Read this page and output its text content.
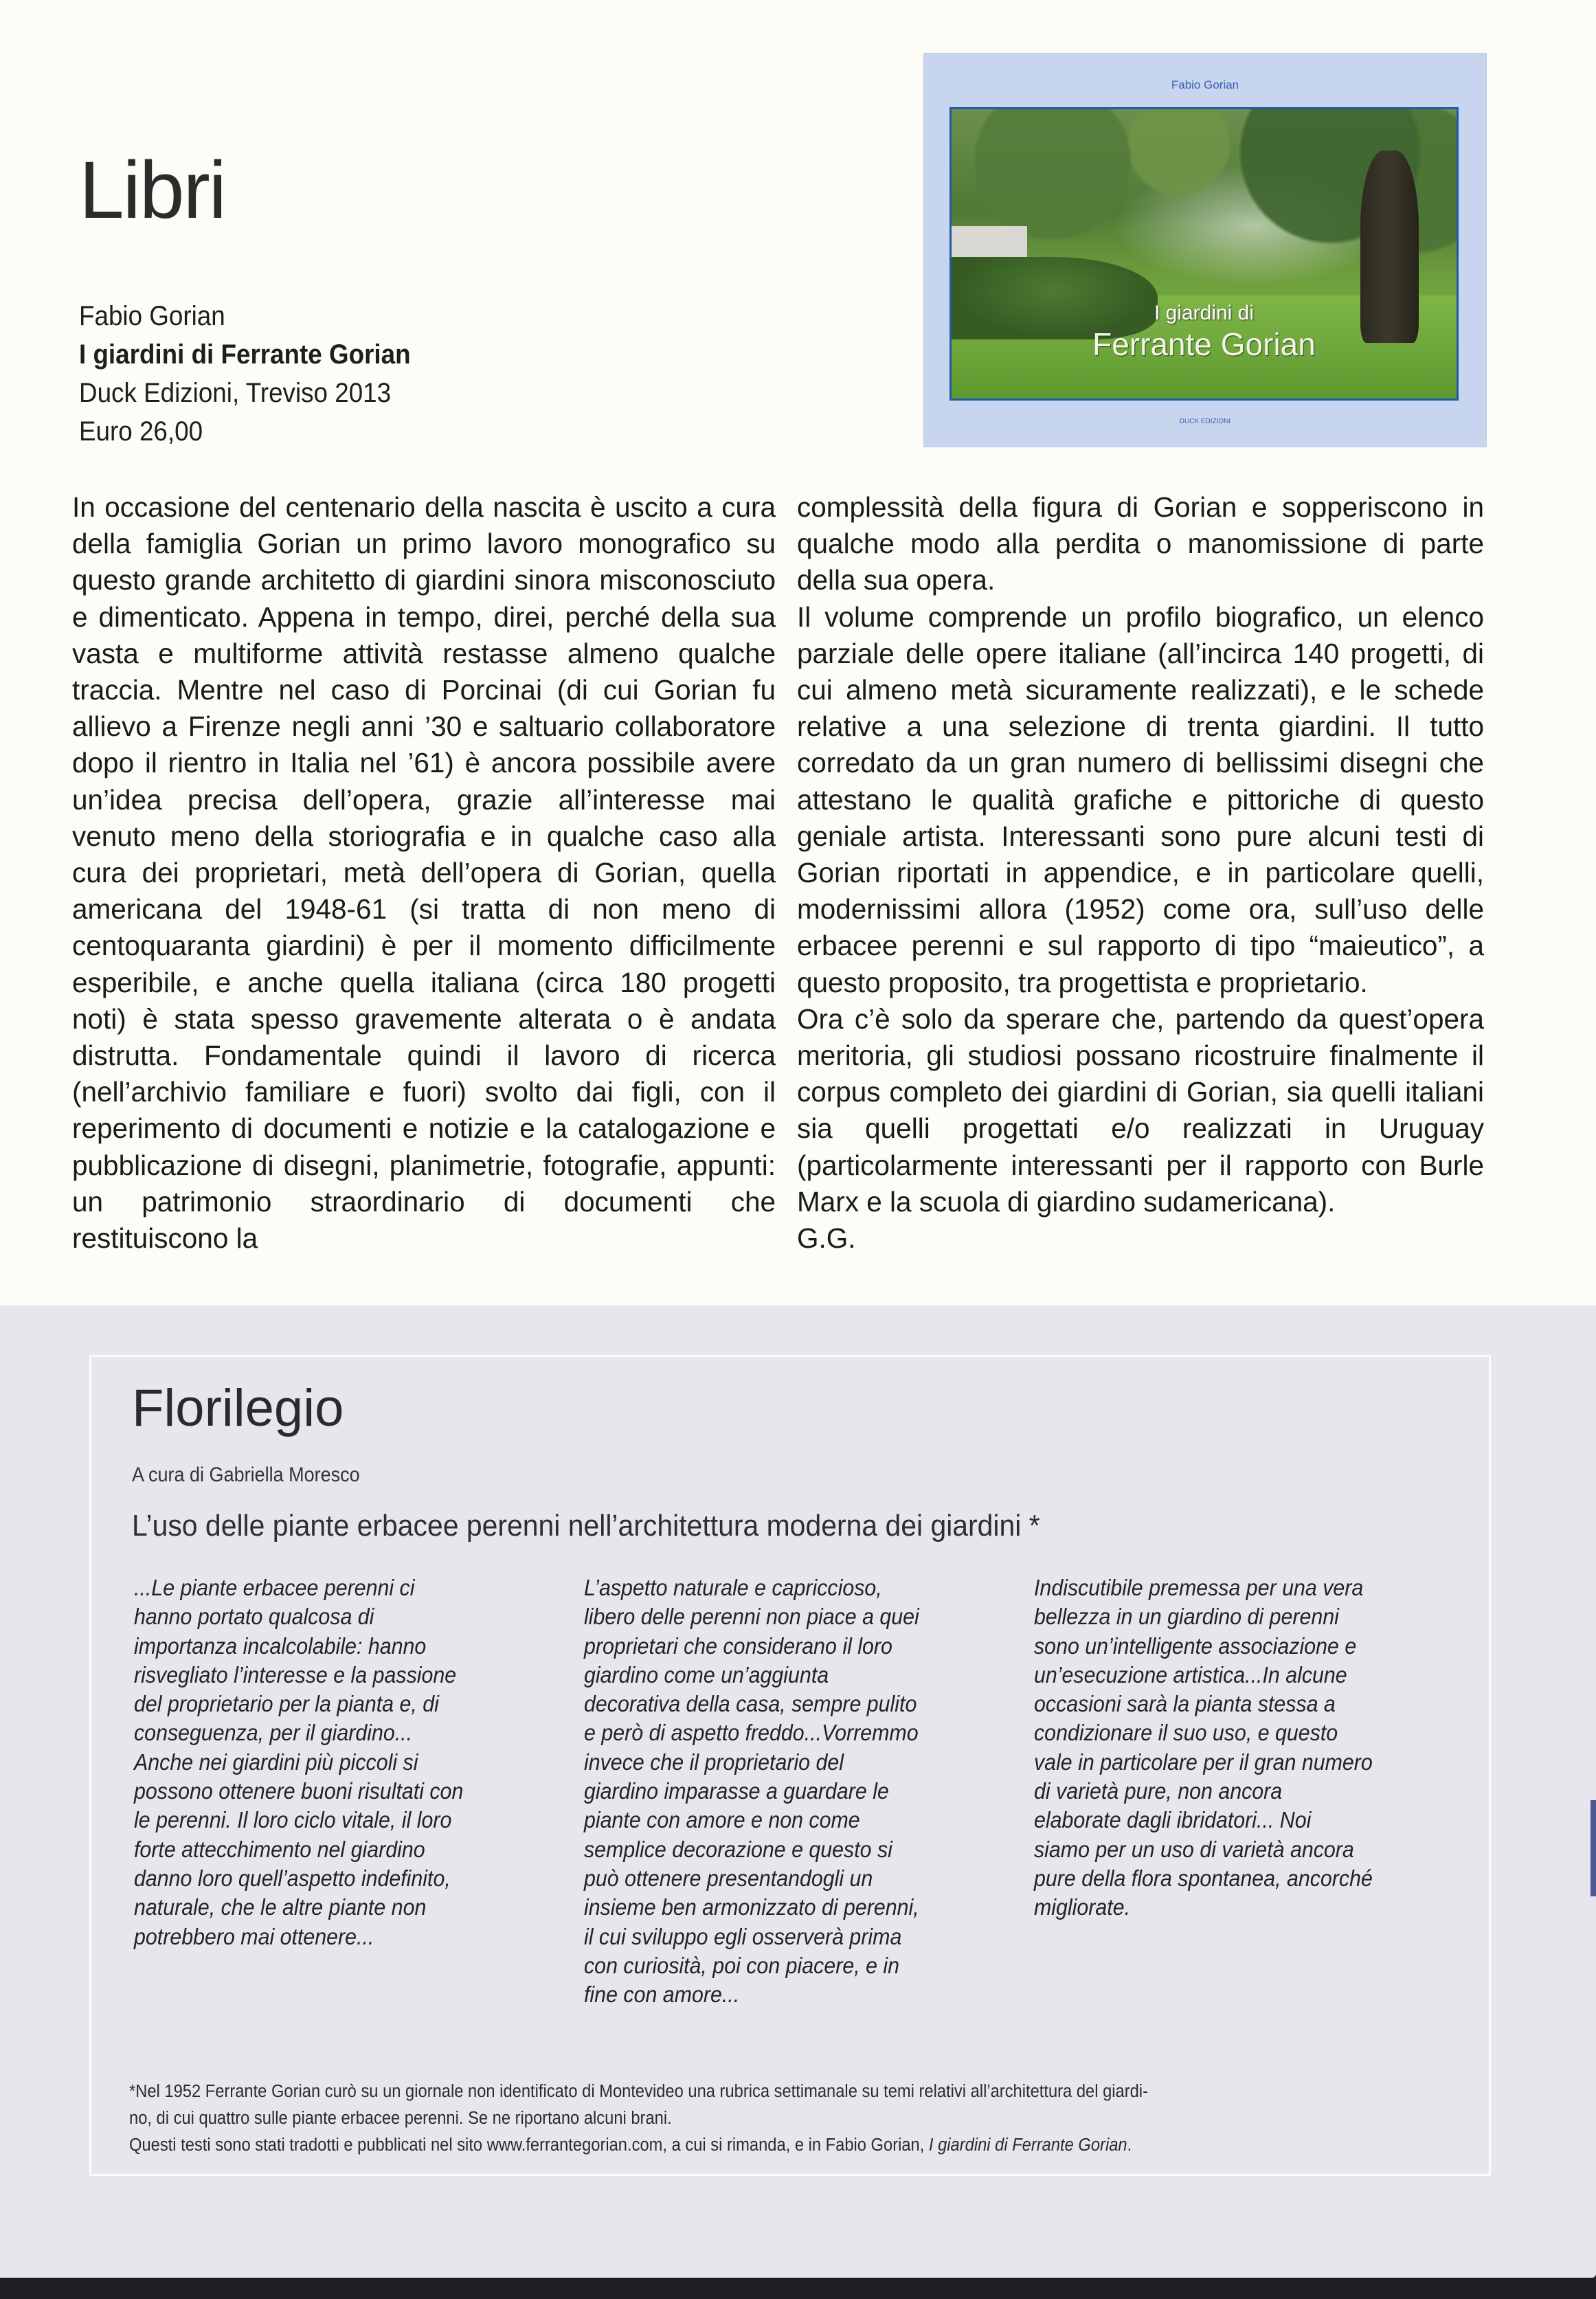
Libri
Fabio Gorian
I giardini di Ferrante Gorian
Duck Edizioni, Treviso 2013
Euro 26,00
Fabio Gorian
I giardini di
Ferrante Gorian
DUCK EDIZIONI

In occasione del centenario della nascita è uscito a cura della famiglia Gorian un primo lavoro monografico su questo grande architetto di giardini sinora misconosciuto e dimenticato. Appena in tempo, direi, perché della sua vasta e multiforme attività restasse almeno qualche traccia. Mentre nel caso di Porcinai (di cui Gorian fu allievo a Firenze negli anni ’30 e saltuario collaboratore dopo il rientro in Italia nel ’61) è ancora possibile avere un’idea precisa dell’opera, grazie all’interesse mai venuto meno della storiografia e in qualche caso alla cura dei proprietari, metà dell’opera di Gorian, quella americana del 1948-61 (si tratta di non meno di centoquaranta giardini) è per il momento difficilmente esperibile, e anche quella italiana (circa 180 progetti noti) è stata spesso gravemente alterata o è andata distrutta. Fondamentale quindi il lavoro di ricerca (nell’archivio familiare e fuori) svolto dai figli, con il reperimento di documenti e notizie e la catalogazione e pubblicazione di disegni, planimetrie, fotografie, appunti: un patrimonio straordinario di documenti che restituiscono la

complessità della figura di Gorian e sopperiscono in qualche modo alla perdita o manomissione di parte della sua opera.

Il volume comprende un profilo biografico, un elenco parziale delle opere italiane (all’incirca 140 progetti, di cui almeno metà sicuramente realizzati), e le schede relative a una selezione di trenta giardini. Il tutto corredato da un gran numero di bellissimi disegni che attestano le qualità grafiche e pittoriche di questo geniale artista. Interessanti sono pure alcuni testi di Gorian riportati in appendice, e in particolare quelli, modernissimi allora (1952) come ora, sull’uso delle erbacee perenni e sul rapporto di tipo “maieutico”, a questo proposito, tra progettista e proprietario.

Ora c’è solo da sperare che, partendo da quest’opera meritoria, gli studiosi possano ricostruire finalmente il corpus completo dei giardini di Gorian, sia quelli italiani sia quelli progettati e/o realizzati in Uruguay (particolarmente interessanti per il rapporto con Burle Marx e la scuola di giardino sudamericana).

G.G.

Florilegio
A cura di Gabriella Moresco
L’uso delle piante erbacee perenni nell’architettura moderna dei giardini *
...Le piante erbacee perenni ci
hanno portato qualcosa di
importanza incalcolabile: hanno
risvegliato l’interesse e la passione
del proprietario per la pianta e, di
conseguenza, per il giardino...
Anche nei giardini più piccoli si
possono ottenere buoni risultati con
le perenni. Il loro ciclo vitale, il loro
forte attecchimento nel giardino
danno loro quell’aspetto indefinito,
naturale, che le altre piante non
potrebbero mai ottenere...
L’aspetto naturale e capriccioso,
libero delle perenni non piace a quei
proprietari che considerano il loro
giardino come un’aggiunta
decorativa della casa, sempre pulito
e però di aspetto freddo...Vorremmo
invece che il proprietario del
giardino imparasse a guardare le
piante con amore e non come
semplice decorazione e questo si
può ottenere presentandogli un
insieme ben armonizzato di perenni,
il cui sviluppo egli osserverà prima
con curiosità, poi con piacere, e in
fine con amore...
Indiscutibile premessa per una vera
bellezza in un giardino di perenni
sono un’intelligente associazione e
un’esecuzione artistica...In alcune
occasioni sarà la pianta stessa a
condizionare il suo uso, e questo
vale in particolare per il gran numero
di varietà pure, non ancora
elaborate dagli ibridatori... Noi
siamo per un uso di varietà ancora
pure della flora spontanea, ancorché
migliorate.
*Nel 1952 Ferrante Gorian curò su un giornale non identificato di Montevideo una rubrica settimanale su temi relativi all’architettura del giardi-
no, di cui quattro sulle piante erbacee perenni. Se ne riportano alcuni brani.
Questi testi sono stati tradotti e pubblicati nel sito www.ferrantegorian.com, a cui si rimanda, e in Fabio Gorian, I giardini di Ferrante Gorian.
